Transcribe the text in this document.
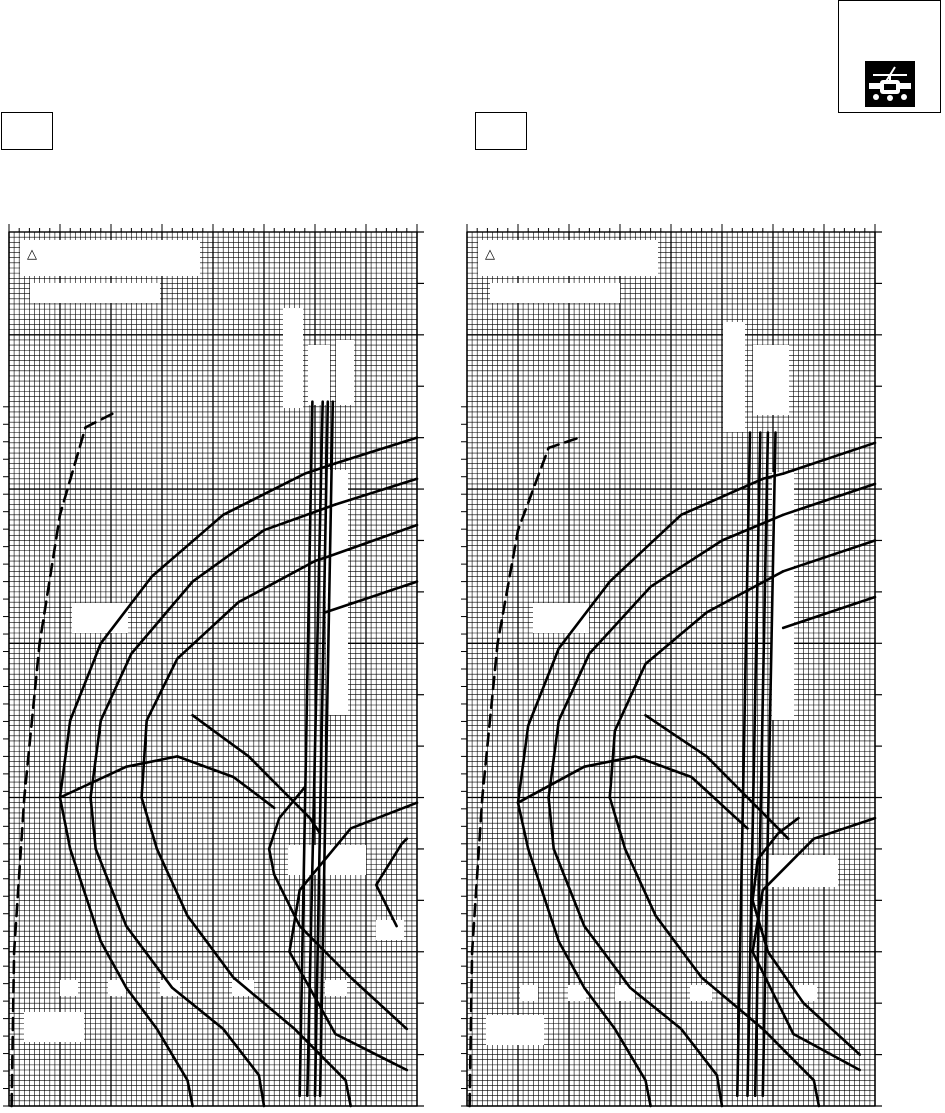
△	△
